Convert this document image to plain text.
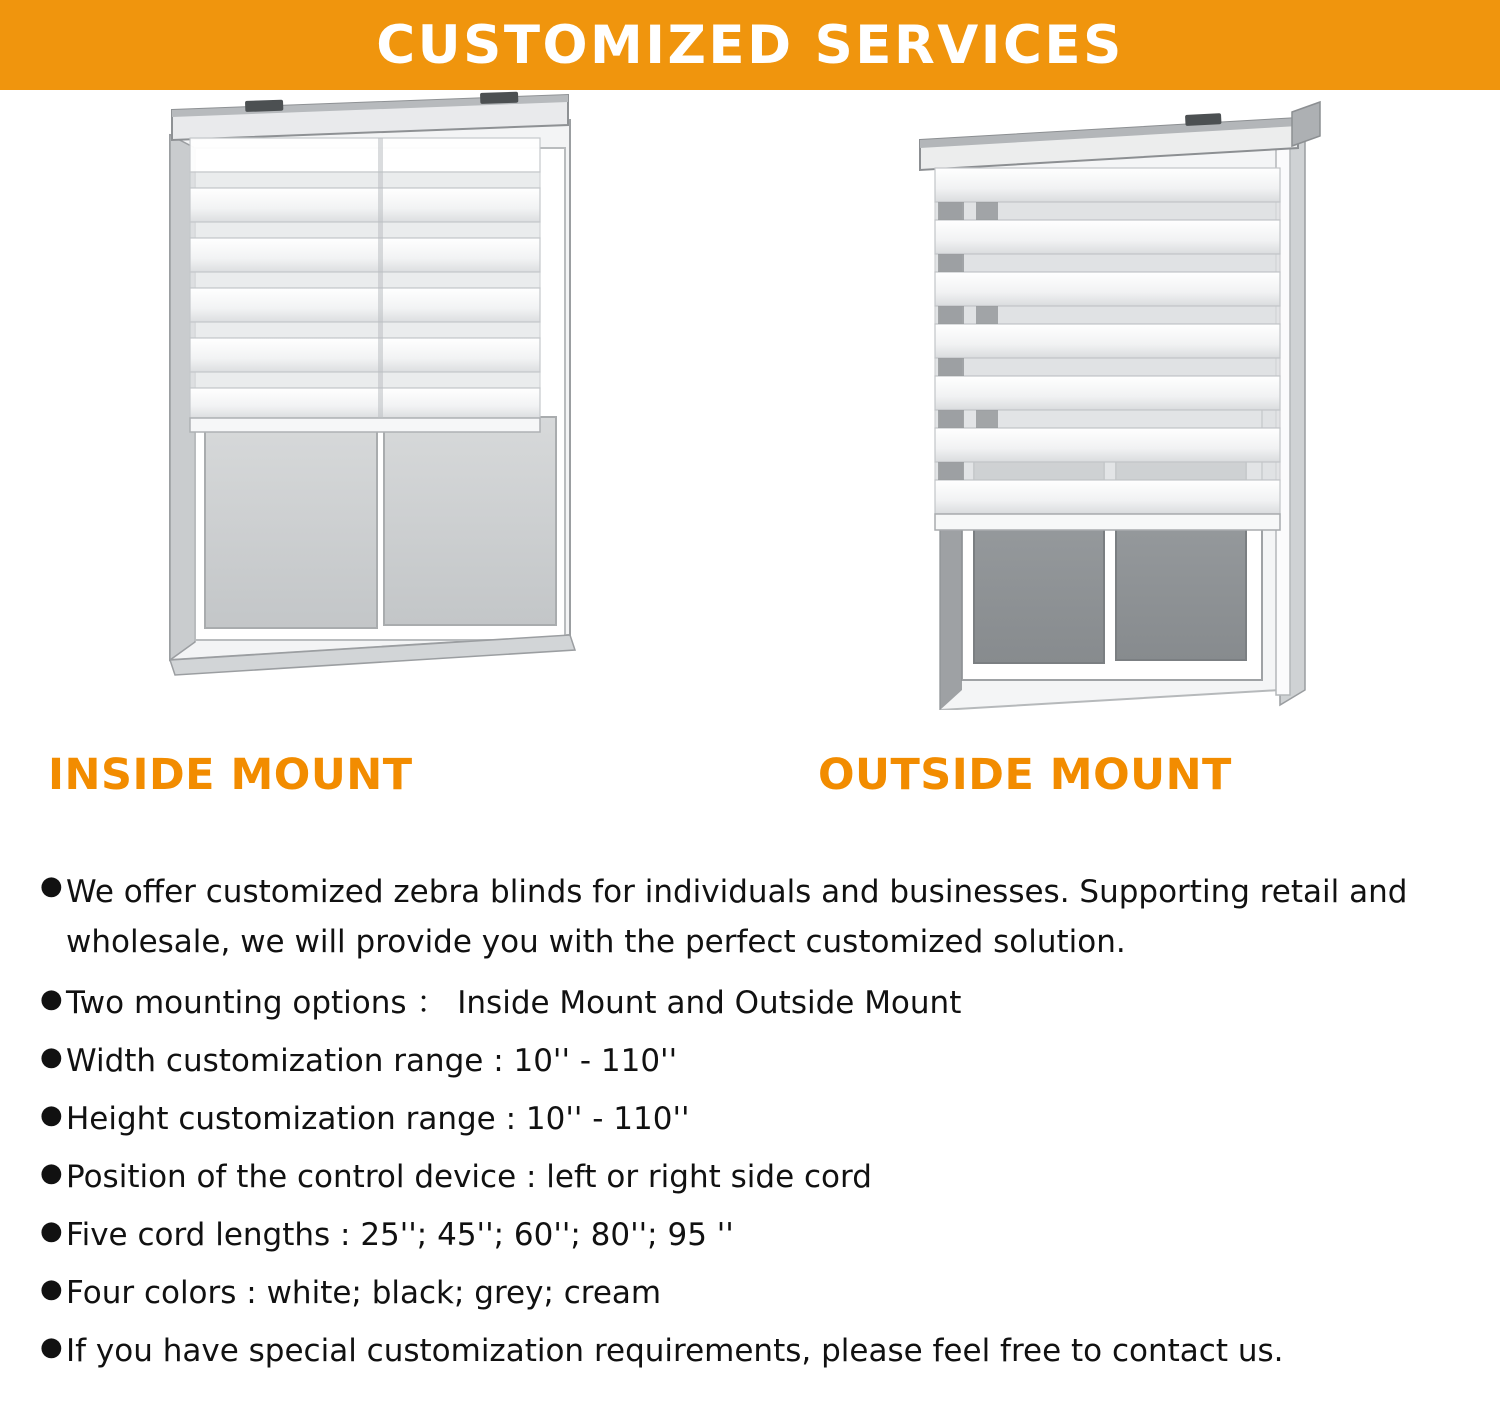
CUSTOMIZED SERVICES
INSIDE MOUNT	OUTSIDE MOUNT
● We offer customized zebra blinds for individuals and businesses. Supporting retail and wholesale, we will provide you with the perfect customized solution.
● Two mounting options ： Inside Mount and Outside Mount
● Width customization range : 10'' - 110''
● Height customization range : 10'' - 110''
● Position of the control device : left or right side cord
● Five cord lengths : 25''; 45''; 60''; 80''; 95 ''
● Four colors : white; black; grey; cream
● If you have special customization requirements, please feel free to contact us.
